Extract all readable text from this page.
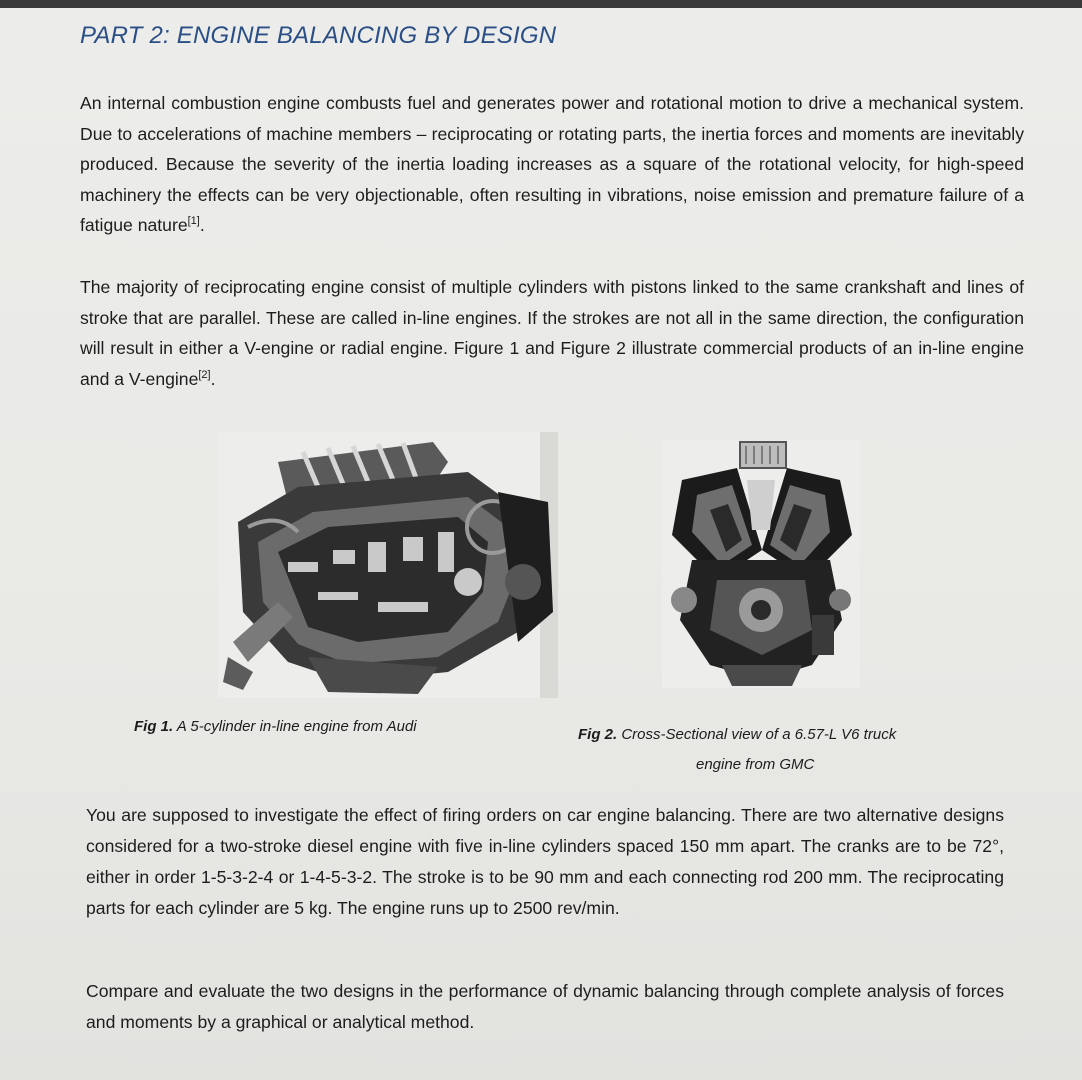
PART 2: ENGINE BALANCING BY DESIGN

An internal combustion engine combusts fuel and generates power and rotational motion to drive a mechanical system. Due to accelerations of machine members – reciprocating or rotating parts, the inertia forces and moments are inevitably produced. Because the severity of the inertia loading increases as a square of the rotational velocity, for high-speed machinery the effects can be very objectionable, often resulting in vibrations, noise emission and premature failure of a fatigue nature[1].

The majority of reciprocating engine consist of multiple cylinders with pistons linked to the same crankshaft and lines of stroke that are parallel. These are called in-line engines. If the strokes are not all in the same direction, the configuration will result in either a V-engine or radial engine. Figure 1 and Figure 2 illustrate commercial products of an in-line engine and a V-engine[2].

Fig 1. A 5-cylinder in-line engine from Audi	Fig 2. Cross-Sectional view of a 6.57-L V6 truck
engine from GMC

You are supposed to investigate the effect of firing orders on car engine balancing. There are two alternative designs considered for a two-stroke diesel engine with five in-line cylinders spaced 150 mm apart. The cranks are to be 72°, either in order 1-5-3-2-4 or 1-4-5-3-2. The stroke is to be 90 mm and each connecting rod 200 mm. The reciprocating parts for each cylinder are 5 kg. The engine runs up to 2500 rev/min.

Compare and evaluate the two designs in the performance of dynamic balancing through complete analysis of forces and moments by a graphical or analytical method.
